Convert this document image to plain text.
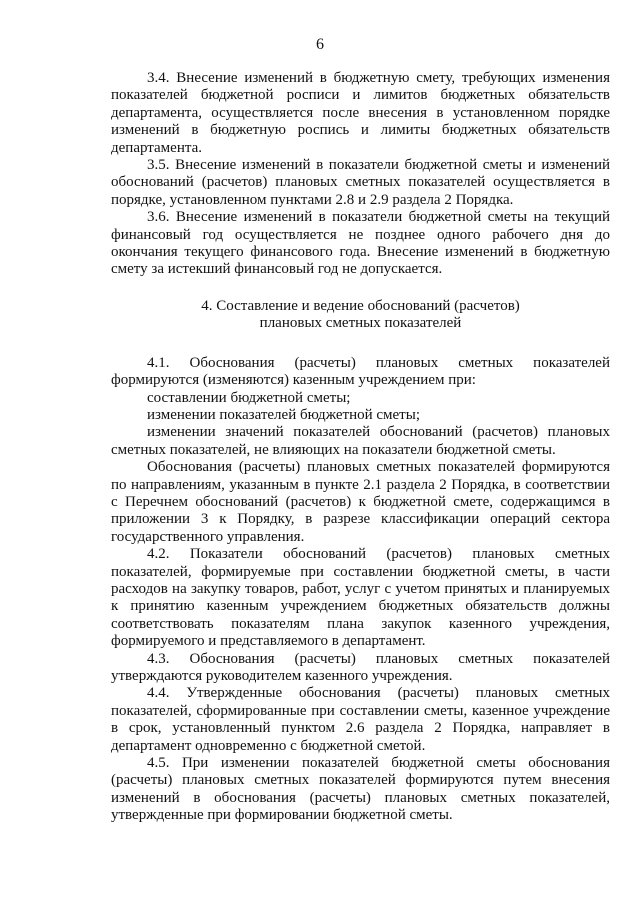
6

3.4. Внесение изменений в бюджетную смету, требующих изменения показателей бюджетной росписи и лимитов бюджетных обязательств департамента, осуществляется после внесения в установленном порядке изменений в бюджетную роспись и лимиты бюджетных обязательств департамента.

3.5. Внесение изменений в показатели бюджетной сметы и изменений обоснований (расчетов) плановых сметных показателей осуществляется в порядке, установленном пунктами 2.8 и 2.9 раздела 2 Порядка.

3.6. Внесение изменений в показатели бюджетной сметы на текущий финансовый год осуществляется не позднее одного рабочего дня до окончания текущего финансового года. Внесение изменений в бюджетную смету за истекший финансовый год не допускается.

4. Составление и ведение обоснований (расчетов)
плановых сметных показателей

4.1. Обоснования (расчеты) плановых сметных показателей формируются (изменяются) казенным учреждением при:

составлении бюджетной сметы;

изменении показателей бюджетной сметы;

изменении значений показателей обоснований (расчетов) плановых сметных показателей, не влияющих на показатели бюджетной сметы.

Обоснования (расчеты) плановых сметных показателей формируются по направлениям, указанным в пункте 2.1 раздела 2 Порядка, в соответствии с Перечнем обоснований (расчетов) к бюджетной смете, содержащимся в приложении 3 к Порядку, в разрезе классификации операций сектора государственного управления.

4.2. Показатели обоснований (расчетов) плановых сметных показателей, формируемые при составлении бюджетной сметы, в части расходов на закупку товаров, работ, услуг с учетом принятых и планируемых к принятию казенным учреждением бюджетных обязательств должны соответствовать показателям плана закупок казенного учреждения, формируемого и представляемого в департамент.

4.3. Обоснования (расчеты) плановых сметных показателей утверждаются руководителем казенного учреждения.

4.4. Утвержденные обоснования (расчеты) плановых сметных показателей, сформированные при составлении сметы, казенное учреждение в срок, установленный пунктом 2.6 раздела 2 Порядка, направляет в департамент одновременно с бюджетной сметой.

4.5. При изменении показателей бюджетной сметы обоснования (расчеты) плановых сметных показателей формируются путем внесения изменений в обоснования (расчеты) плановых сметных показателей, утвержденные при формировании бюджетной сметы.
